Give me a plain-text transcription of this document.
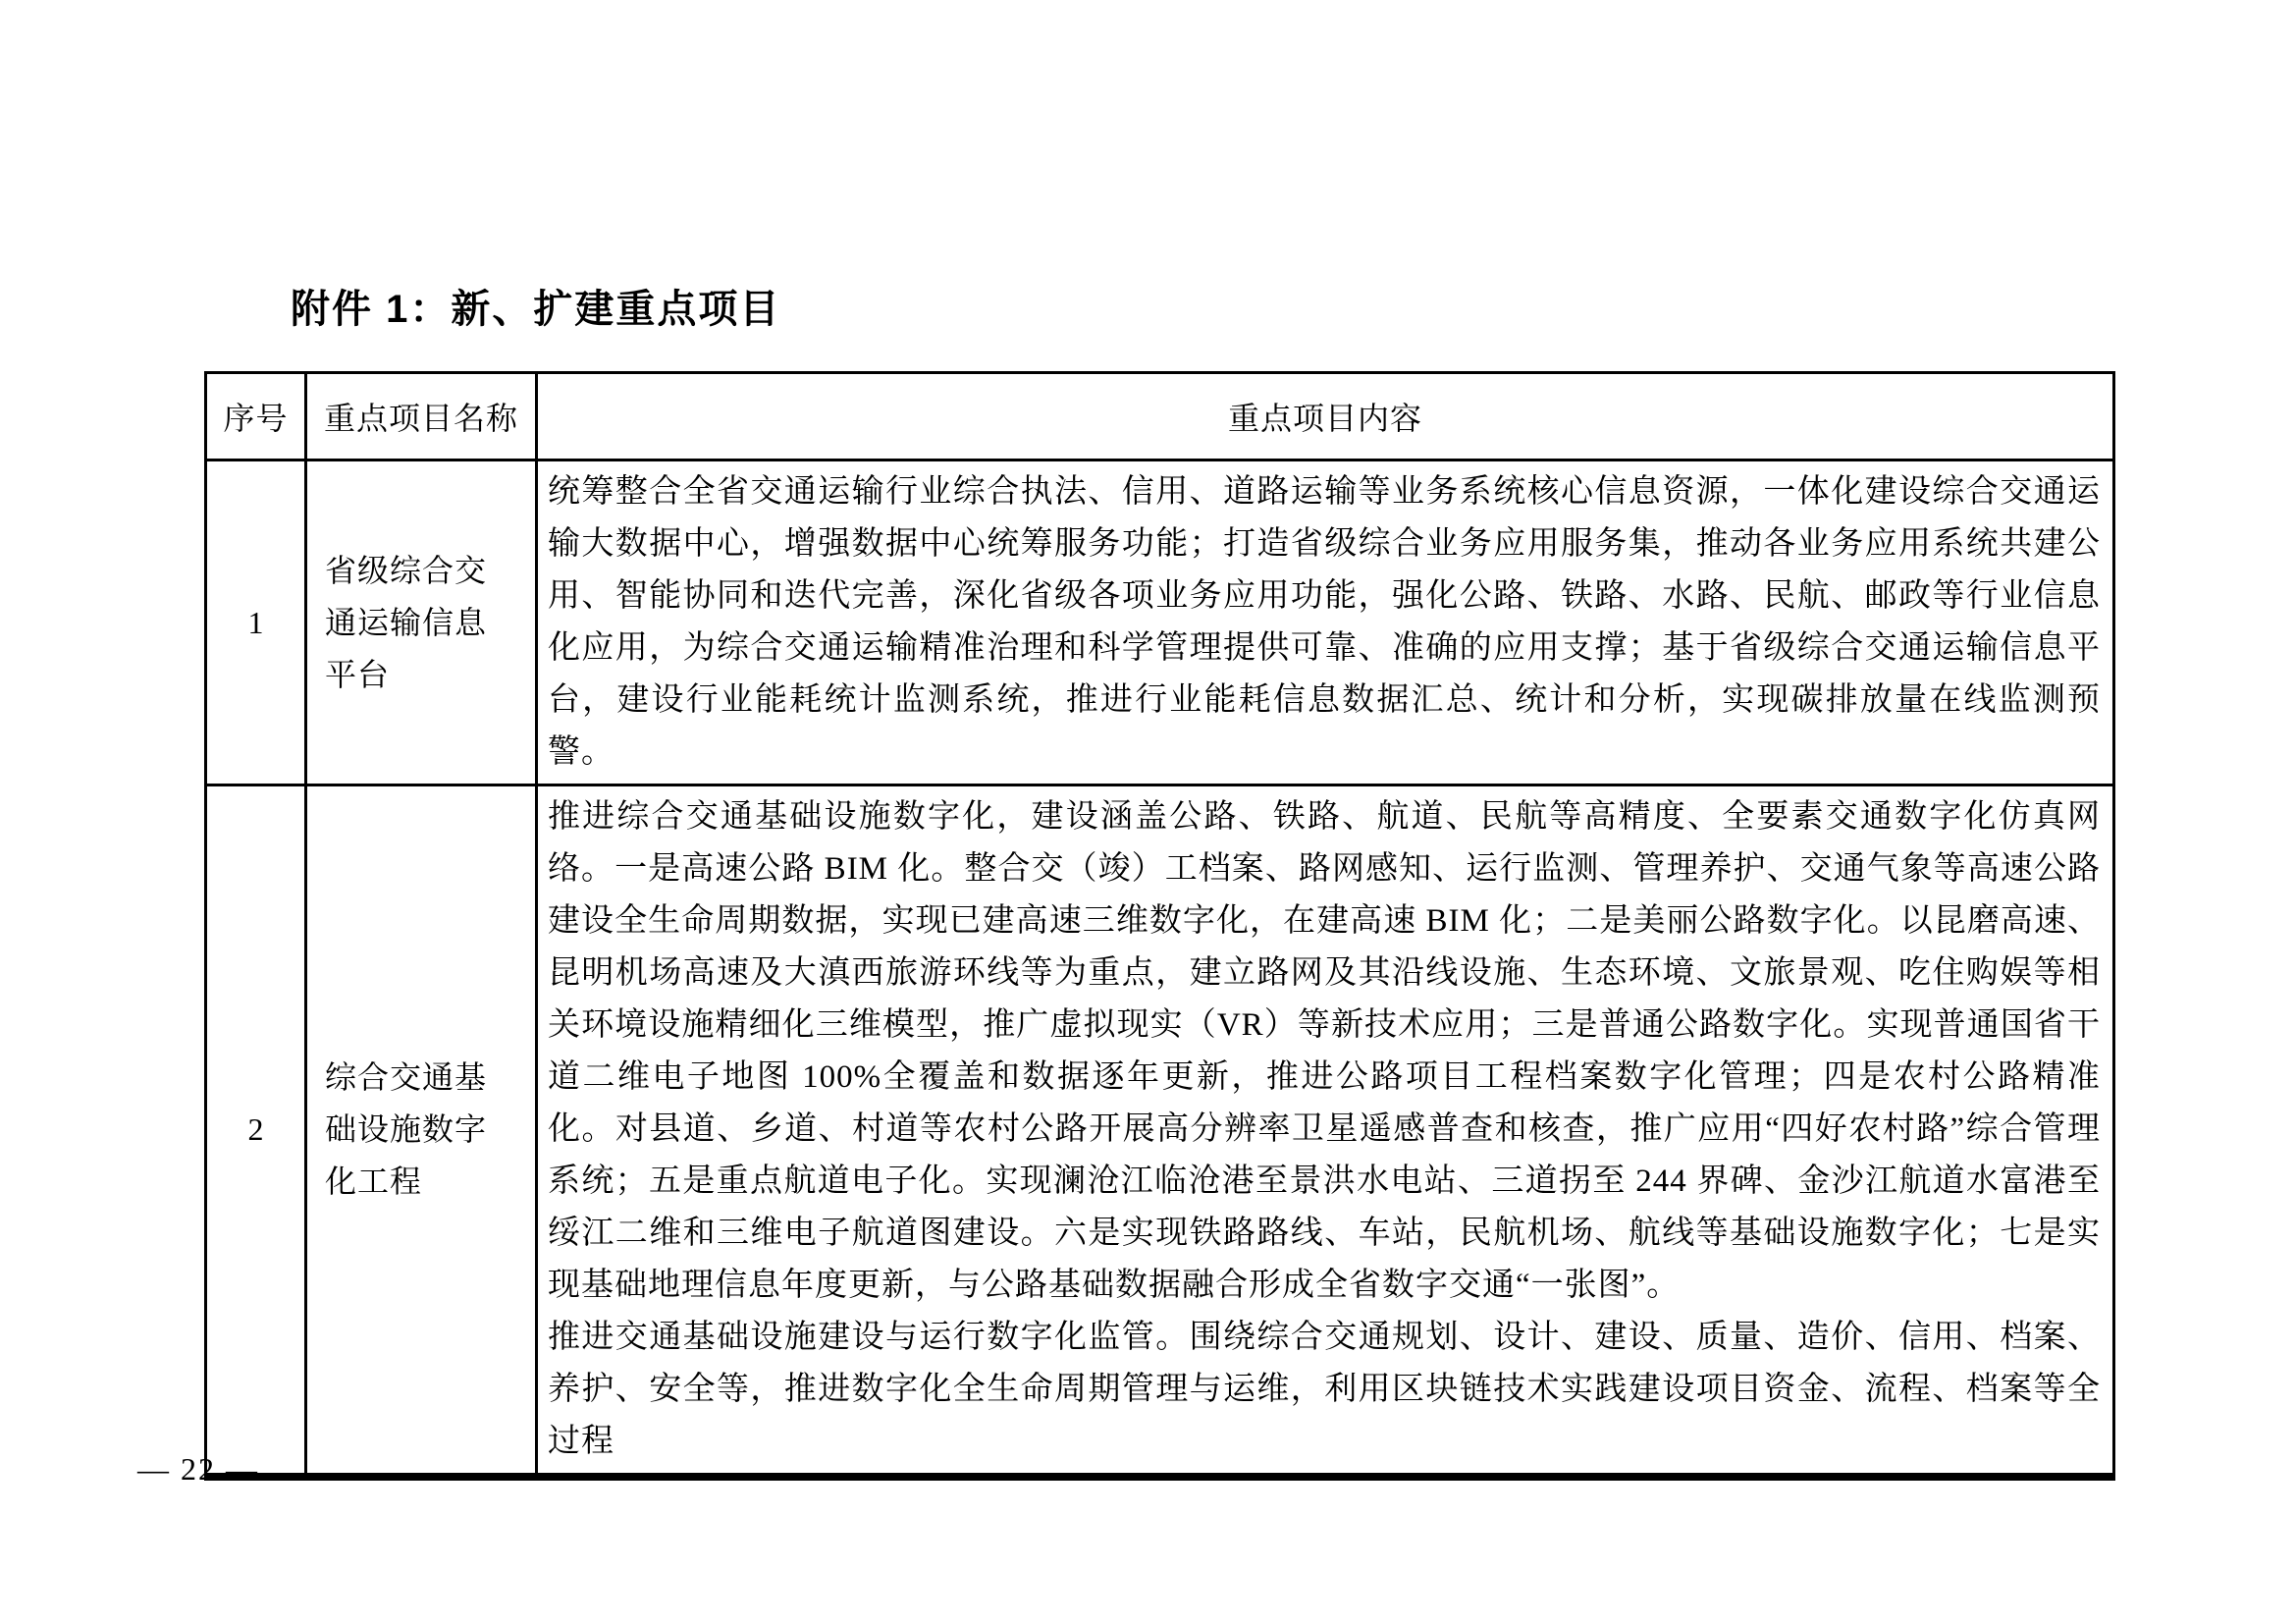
附件 1：新、扩建重点项目
序号	重点项目名称	重点项目内容
1	省级综合交通运输信息平台	统筹整合全省交通运输行业综合执法、信用、道路运输等业务系统核心信息资源，一体化建设综合交通运输大数据中心，增强数据中心统筹服务功能；打造省级综合业务应用服务集，推动各业务应用系统共建公用、智能协同和迭代完善，深化省级各项业务应用功能，强化公路、铁路、水路、民航、邮政等行业信息化应用，为综合交通运输精准治理和科学管理提供可靠、准确的应用支撑；基于省级综合交通运输信息平台，建设行业能耗统计监测系统，推进行业能耗信息数据汇总、统计和分析，实现碳排放量在线监测预警。

2	综合交通基础设施数字化工程	推进综合交通基础设施数字化，建设涵盖公路、铁路、航道、民航等高精度、全要素交通数字化仿真网络。一是高速公路 BIM 化。整合交（竣）工档案、路网感知、运行监测、管理养护、交通气象等高速公路建设全生命周期数据，实现已建高速三维数字化，在建高速 BIM 化；二是美丽公路数字化。以昆磨高速、昆明机场高速及大滇西旅游环线等为重点，建立路网及其沿线设施、生态环境、文旅景观、吃住购娱等相关环境设施精细化三维模型，推广虚拟现实（VR）等新技术应用；三是普通公路数字化。实现普通国省干道二维电子地图 100%全覆盖和数据逐年更新，推进公路项目工程档案数字化管理；四是农村公路精准化。对县道、乡道、村道等农村公路开展高分辨率卫星遥感普查和核查，推广应用“四好农村路”综合管理系统；五是重点航道电子化。实现澜沧江临沧港至景洪水电站、三道拐至 244 界碑、金沙江航道水富港至绥江二维和三维电子航道图建设。六是实现铁路路线、车站，民航机场、航线等基础设施数字化；七是实现基础地理信息年度更新，与公路基础数据融合形成全省数字交通“一张图”。
推进交通基础设施建设与运行数字化监管。围绕综合交通规划、设计、建设、质量、造价、信用、档案、养护、安全等，推进数字化全生命周期管理与运维，利用区块链技术实践建设项目资金、流程、档案等全过程
— 22 —
